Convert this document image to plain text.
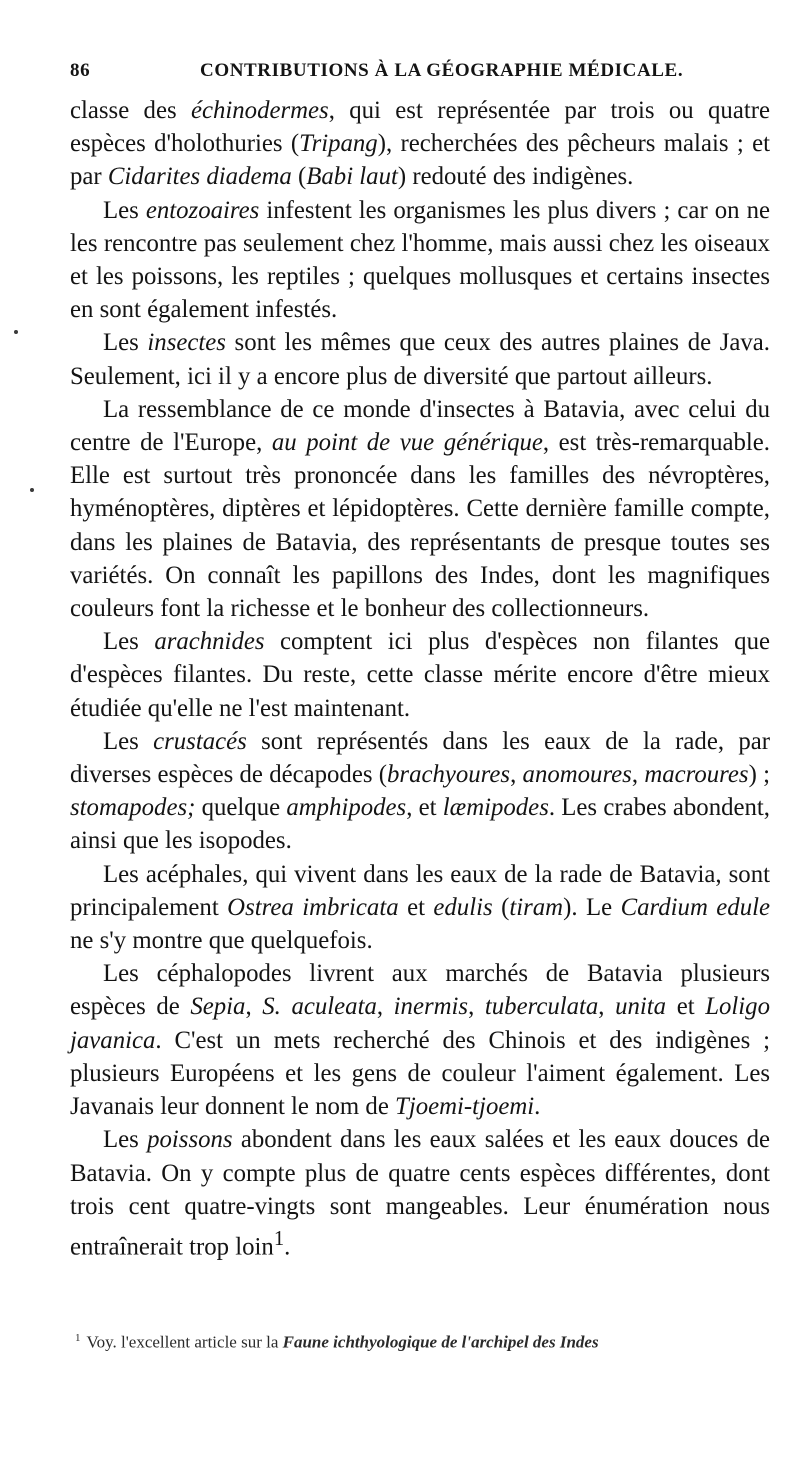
86	CONTRIBUTIONS À LA GÉOGRAPHIE MÉDICALE.

classe des échinodermes, qui est représentée par trois ou quatre espèces d'holothuries (Tripang), recherchées des pêcheurs malais ; et par Cidarites diadema (Babi laut) redouté des indigènes.

Les entozoaires infestent les organismes les plus divers ; car on ne les rencontre pas seulement chez l'homme, mais aussi chez les oiseaux et les poissons, les reptiles ; quelques mollusques et certains insectes en sont également infestés.

Les insectes sont les mêmes que ceux des autres plaines de Java. Seulement, ici il y a encore plus de diversité que partout ailleurs.

La ressemblance de ce monde d'insectes à Batavia, avec celui du centre de l'Europe, au point de vue générique, est très-remarquable. Elle est surtout très prononcée dans les familles des névroptères, hyménoptères, diptères et lépidoptères. Cette dernière famille compte, dans les plaines de Batavia, des représentants de presque toutes ses variétés. On connaît les papillons des Indes, dont les magnifiques couleurs font la richesse et le bonheur des collectionneurs.

Les arachnides comptent ici plus d'espèces non filantes que d'espèces filantes. Du reste, cette classe mérite encore d'être mieux étudiée qu'elle ne l'est maintenant.

Les crustacés sont représentés dans les eaux de la rade, par diverses espèces de décapodes (brachyoures, anomoures, macroures) ; stomapodes; quelque amphipodes, et læmipodes. Les crabes abondent, ainsi que les isopodes.

Les acéphales, qui vivent dans les eaux de la rade de Batavia, sont principalement Ostrea imbricata et edulis (tiram). Le Cardium edule ne s'y montre que quelquefois.

Les céphalopodes livrent aux marchés de Batavia plusieurs espèces de Sepia, S. aculeata, inermis, tuberculata, unita et Loligo javanica. C'est un mets recherché des Chinois et des indigènes ; plusieurs Européens et les gens de couleur l'aiment également. Les Javanais leur donnent le nom de Tjoemi-tjoemi.

Les poissons abondent dans les eaux salées et les eaux douces de Batavia. On y compte plus de quatre cents espèces différentes, dont trois cent quatre-vingts sont mangeables. Leur énumération nous entraînerait trop loin$^1$.

$^1$ Voy. l'excellent article sur la Faune ichthyologique de l'archipel des Indes
